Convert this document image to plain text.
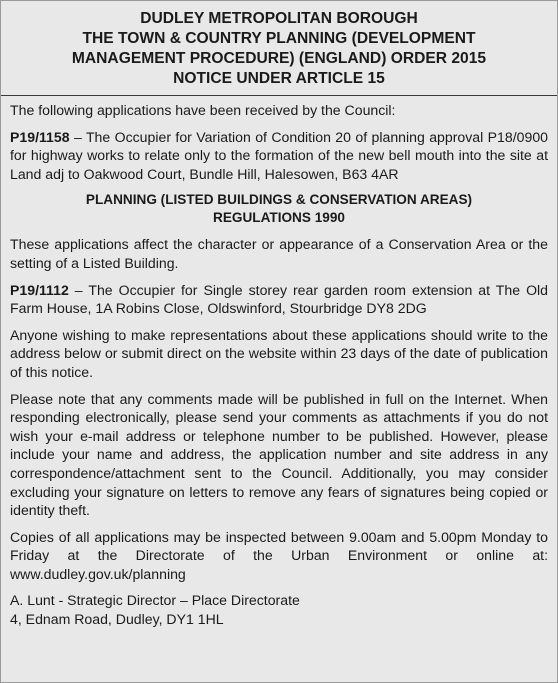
DUDLEY METROPOLITAN BOROUGH
THE TOWN & COUNTRY PLANNING (DEVELOPMENT
MANAGEMENT PROCEDURE) (ENGLAND) ORDER 2015
NOTICE UNDER ARTICLE 15

The following applications have been received by the Council:

P19/1158 – The Occupier for Variation of Condition 20 of planning approval P18/0900 for highway works to relate only to the formation of the new bell mouth into the site at Land adj to Oakwood Court, Bundle Hill, Halesowen, B63 4AR

PLANNING (LISTED BUILDINGS & CONSERVATION AREAS)
REGULATIONS 1990

These applications affect the character or appearance of a Conservation Area or the setting of a Listed Building.

P19/1112 – The Occupier for Single storey rear garden room extension at The Old Farm House, 1A Robins Close, Oldswinford, Stourbridge DY8 2DG

Anyone wishing to make representations about these applications should write to the address below or submit direct on the website within 23 days of the date of publication of this notice.

Please note that any comments made will be published in full on the Internet. When responding electronically, please send your comments as attachments if you do not wish your e-mail address or telephone number to be published. However, please include your name and address, the application number and site address in any correspondence/attachment sent to the Council. Additionally, you may consider excluding your signature on letters to remove any fears of signatures being copied or identity theft.

Copies of all applications may be inspected between 9.00am and 5.00pm Monday to Friday at the Directorate of the Urban Environment or online at: www.dudley.gov.uk/planning

A. Lunt - Strategic Director – Place Directorate
4, Ednam Road, Dudley, DY1 1HL
